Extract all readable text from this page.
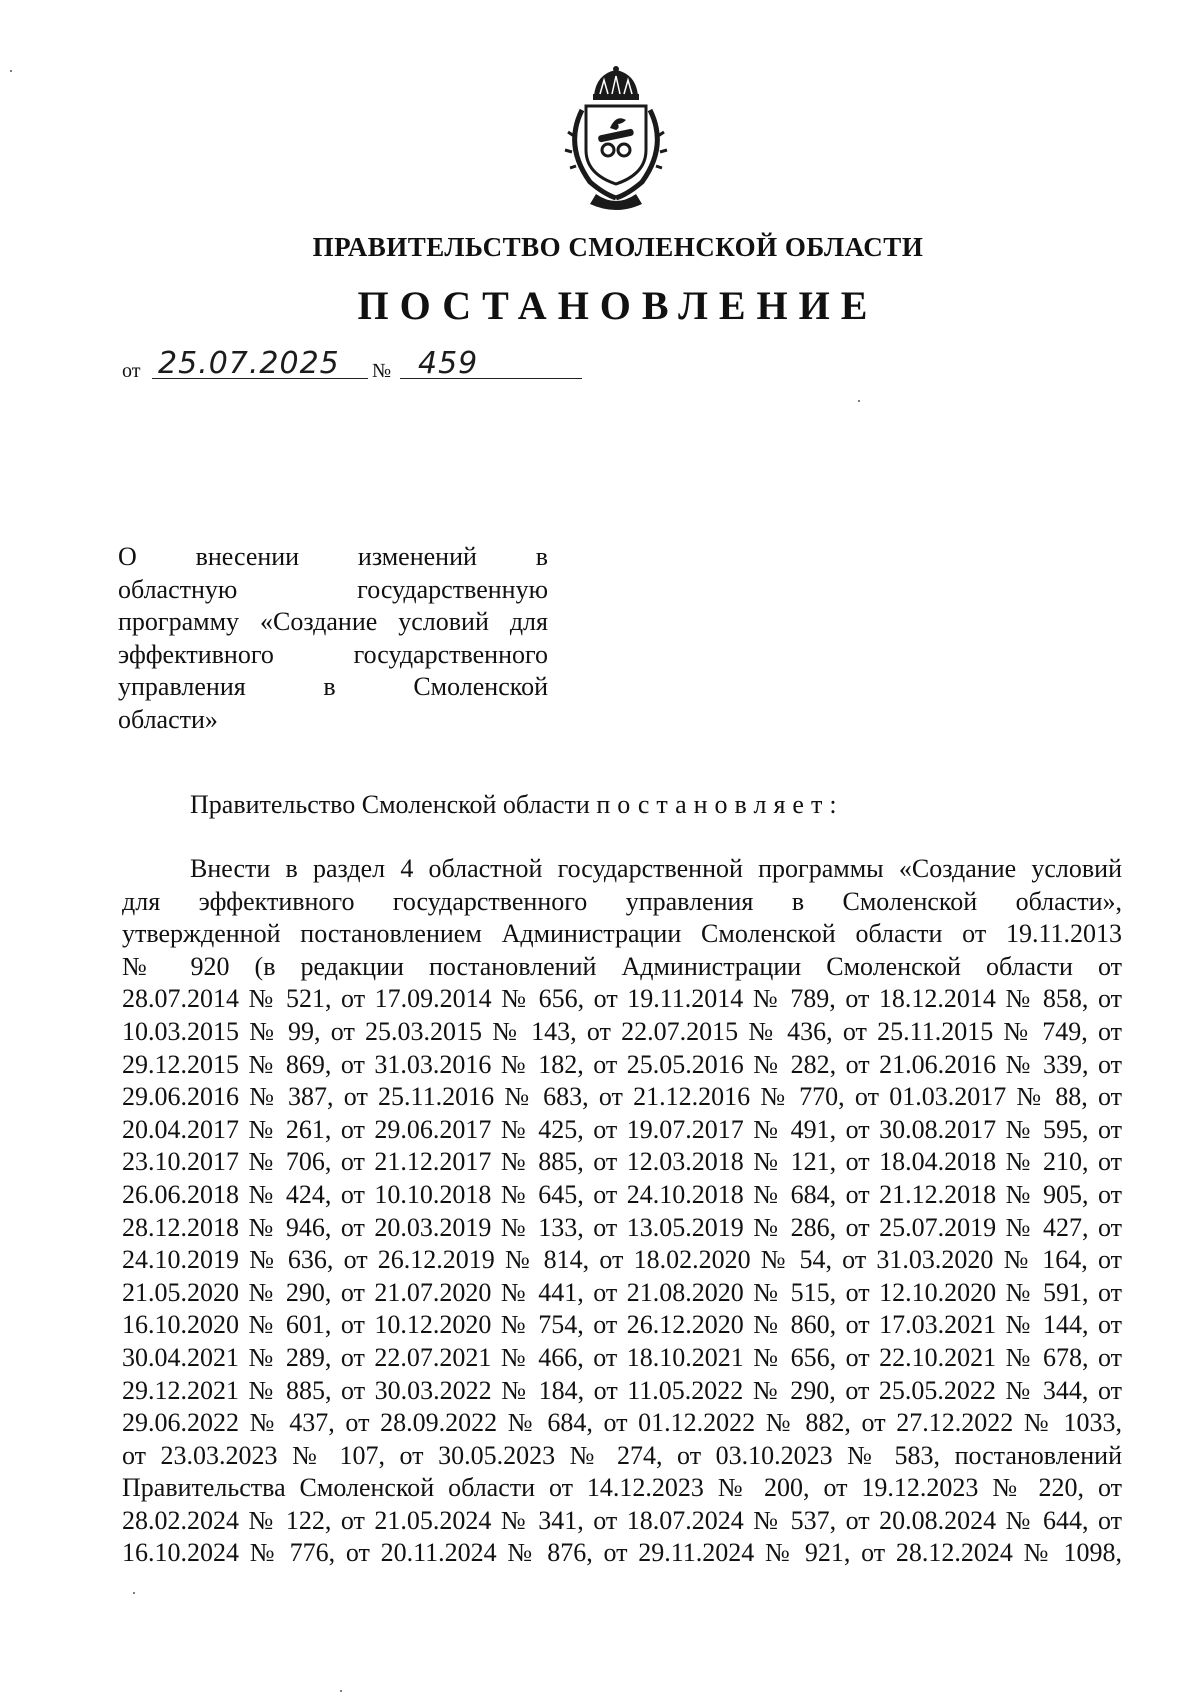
ПРАВИТЕЛЬСТВО СМОЛЕНСКОЙ ОБЛАСТИ
ПОСТАНОВЛЕНИЕ
от 25.07.2025 № 459
О внесении изменений в
областную государственную
программу «Создание условий для
эффективного государственного
управления в Смоленской
области»
Правительство Смоленской области постановляет:
Внести в раздел 4 областной государственной программы «Создание условий
для эффективного государственного управления в Смоленской области»,
утвержденной постановлением Администрации Смоленской области от 19.11.2013
№ 920 (в редакции постановлений Администрации Смоленской области от
28.07.2014 № 521, от 17.09.2014 № 656, от 19.11.2014 № 789, от 18.12.2014 № 858, от
10.03.2015 № 99, от 25.03.2015 № 143, от 22.07.2015 № 436, от 25.11.2015 № 749, от
29.12.2015 № 869, от 31.03.2016 № 182, от 25.05.2016 № 282, от 21.06.2016 № 339, от
29.06.2016 № 387, от 25.11.2016 № 683, от 21.12.2016 № 770, от 01.03.2017 № 88, от
20.04.2017 № 261, от 29.06.2017 № 425, от 19.07.2017 № 491, от 30.08.2017 № 595, от
23.10.2017 № 706, от 21.12.2017 № 885, от 12.03.2018 № 121, от 18.04.2018 № 210, от
26.06.2018 № 424, от 10.10.2018 № 645, от 24.10.2018 № 684, от 21.12.2018 № 905, от
28.12.2018 № 946, от 20.03.2019 № 133, от 13.05.2019 № 286, от 25.07.2019 № 427, от
24.10.2019 № 636, от 26.12.2019 № 814, от 18.02.2020 № 54, от 31.03.2020 № 164, от
21.05.2020 № 290, от 21.07.2020 № 441, от 21.08.2020 № 515, от 12.10.2020 № 591, от
16.10.2020 № 601, от 10.12.2020 № 754, от 26.12.2020 № 860, от 17.03.2021 № 144, от
30.04.2021 № 289, от 22.07.2021 № 466, от 18.10.2021 № 656, от 22.10.2021 № 678, от
29.12.2021 № 885, от 30.03.2022 № 184, от 11.05.2022 № 290, от 25.05.2022 № 344, от
29.06.2022 № 437, от 28.09.2022 № 684, от 01.12.2022 № 882, от 27.12.2022 № 1033,
от 23.03.2023 № 107, от 30.05.2023 № 274, от 03.10.2023 № 583, постановлений
Правительства Смоленской области от 14.12.2023 № 200, от 19.12.2023 № 220, от
28.02.2024 № 122, от 21.05.2024 № 341, от 18.07.2024 № 537, от 20.08.2024 № 644, от
16.10.2024 № 776, от 20.11.2024 № 876, от 29.11.2024 № 921, от 28.12.2024 № 1098,
